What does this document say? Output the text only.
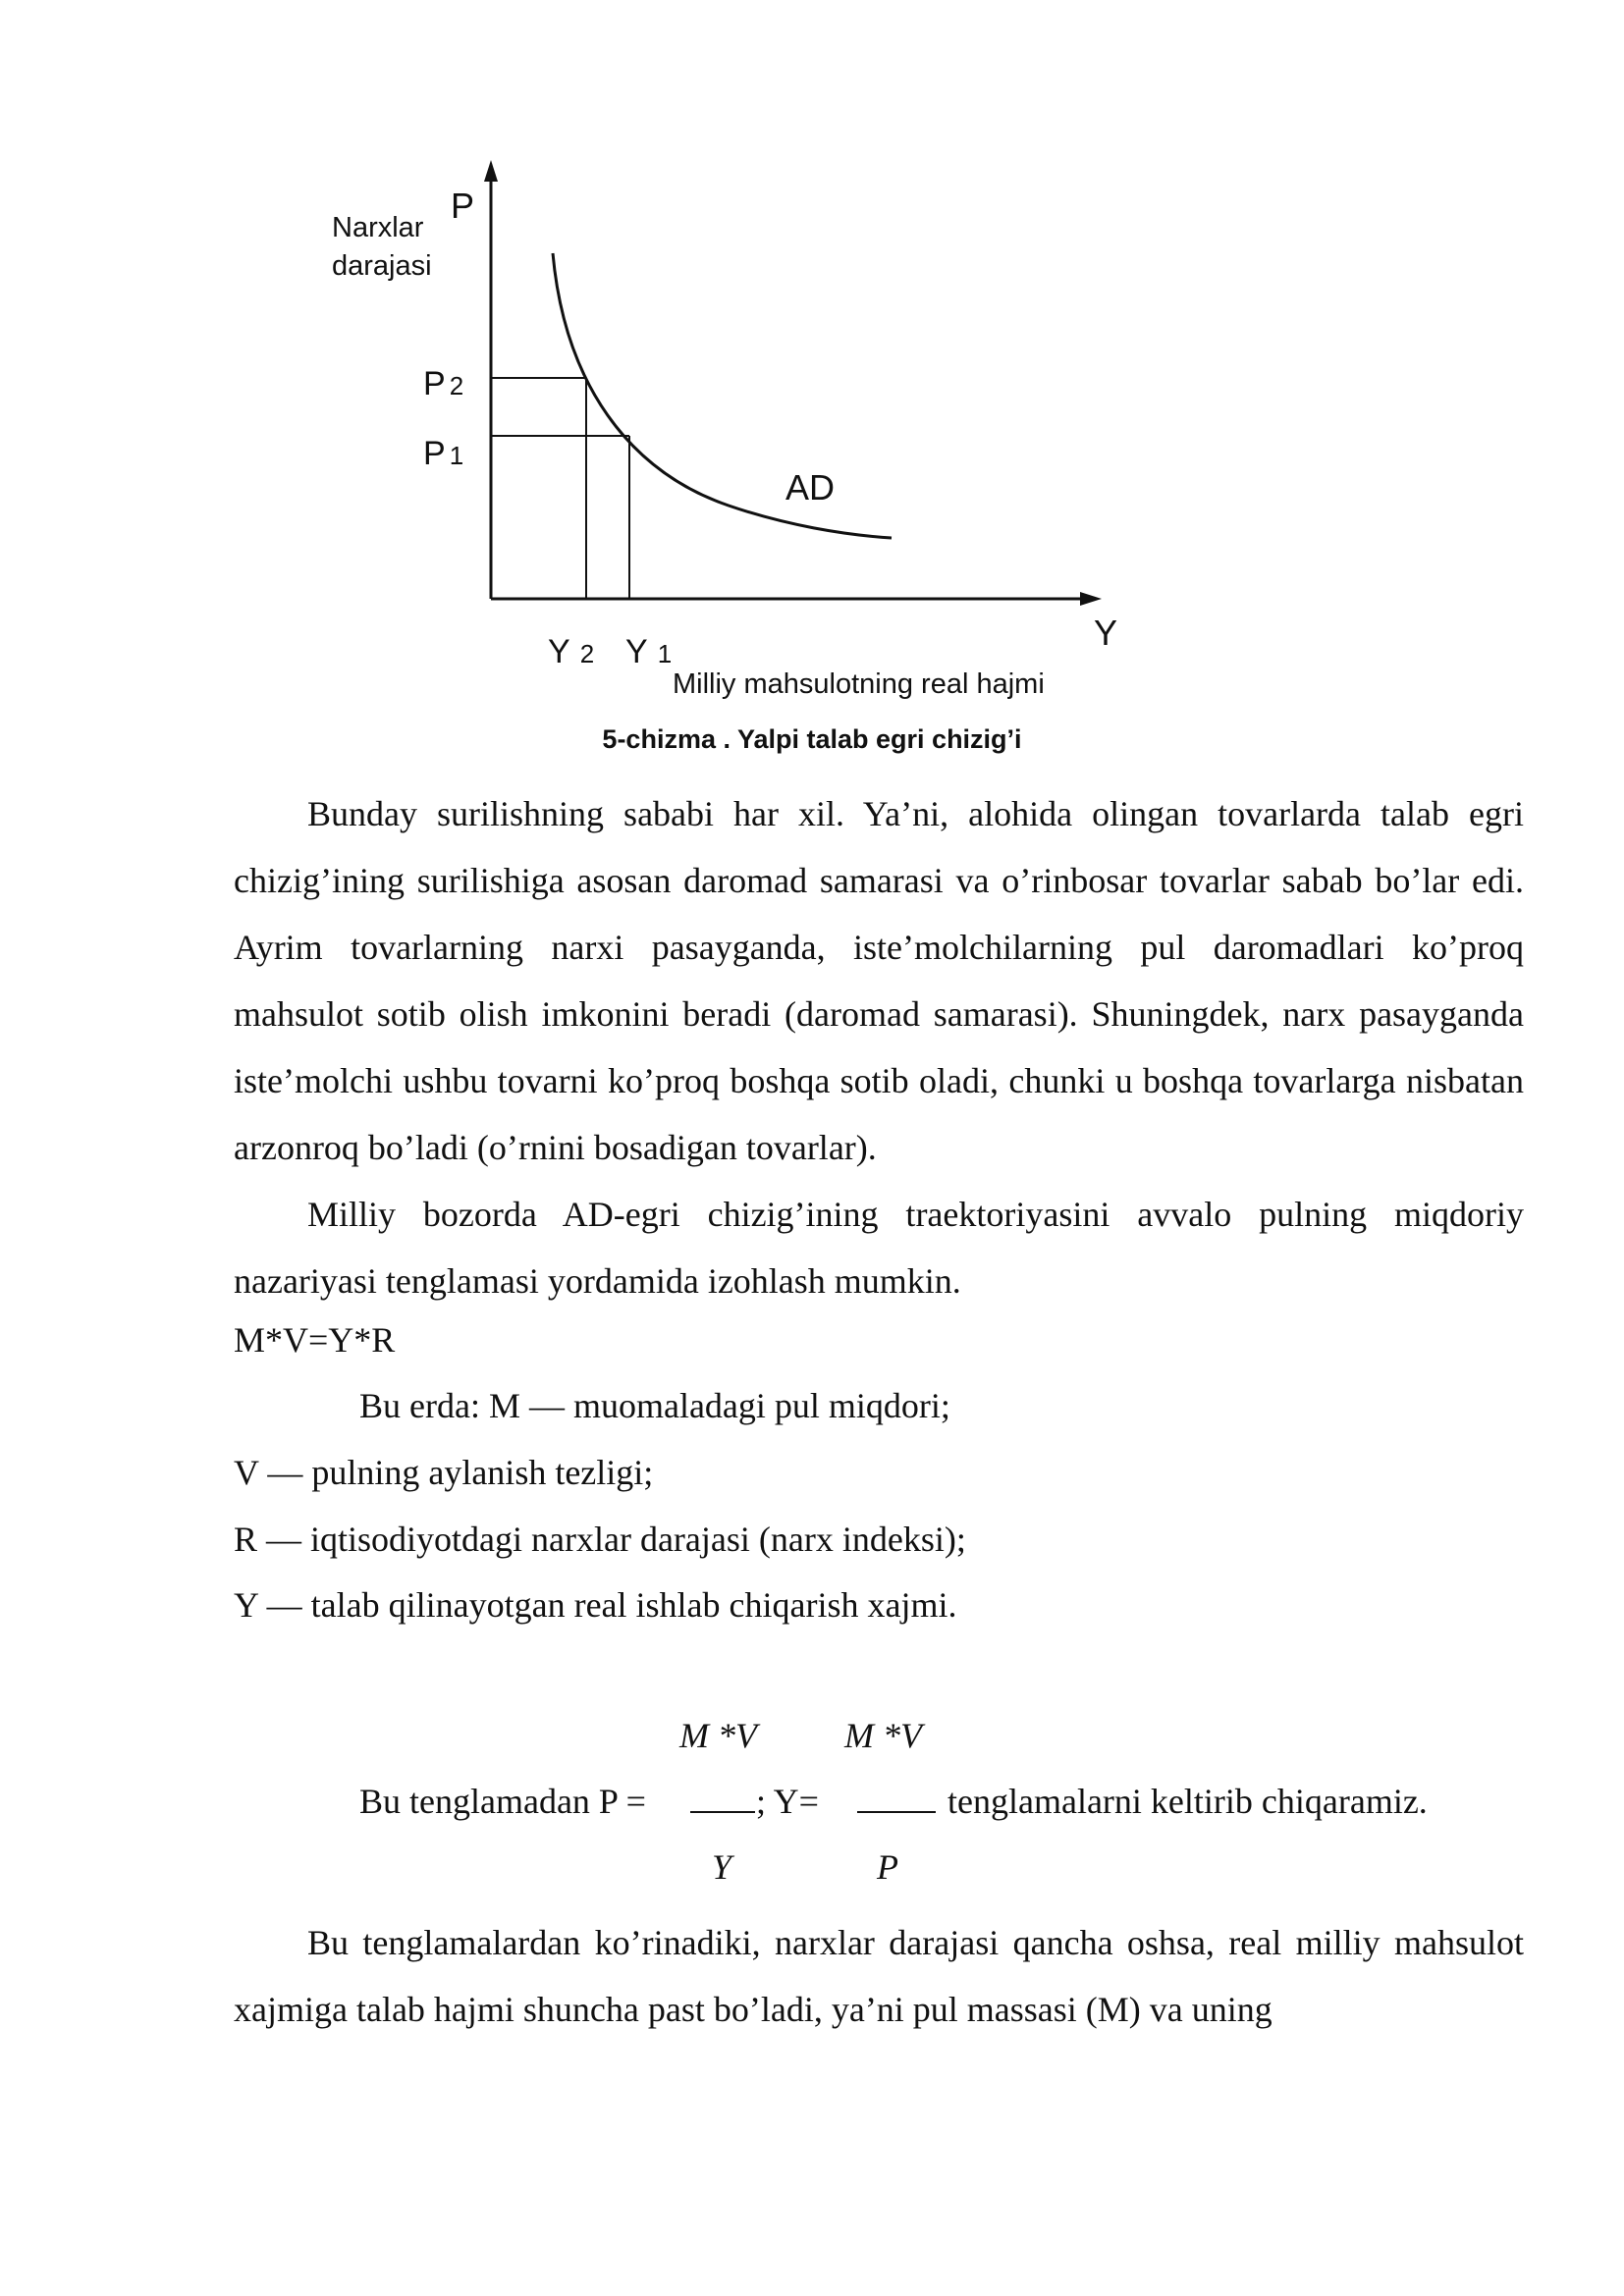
P
Narxlar
darajasi
P 2
P 1
AD
Y
Y 2 Y 1
Milliy mahsulotning real hajmi
5-chizma . Yalpi talab egri chizig’i

Bunday surilishning sababi har xil. Ya’ni, alohida olingan tovarlarda talab egri chizig’ining surilishiga asosan daromad samarasi va o’rinbosar tovarlar sabab bo’lar edi. Ayrim tovarlarning narxi pasayganda, iste’molchilarning pul daromadlari ko’proq mahsulot sotib olish imkonini beradi (daromad samarasi). Shuningdek, narx pasayganda iste’molchi ushbu tovarni ko’proq boshqa sotib oladi, chunki u boshqa tovarlarga nisbatan arzonroq bo’ladi (o’rnini bosadigan tovarlar).

Milliy bozorda AD-egri chizig’ining traektoriyasini avvalo pulning miqdoriy nazariyasi tenglamasi yordamida izohlash mumkin.

M*V=Y*R

Bu erda: M — muomaladagi pul miqdori;

V — pulning aylanish tezligi;

R — iqtisodiyotdagi narxlar darajasi (narx indeksi);

Y — talab qilinayotgan real ishlab chiqarish xajmi.

M *V M *V

Bu tenglamadan P =	; Y=	tenglamalarni keltirib chiqaramiz.

Y	P

Bu tenglamalardan ko’rinadiki, narxlar darajasi qancha oshsa, real milliy mahsulot xajmiga talab hajmi shuncha past bo’ladi, ya’ni pul massasi (M) va uning
